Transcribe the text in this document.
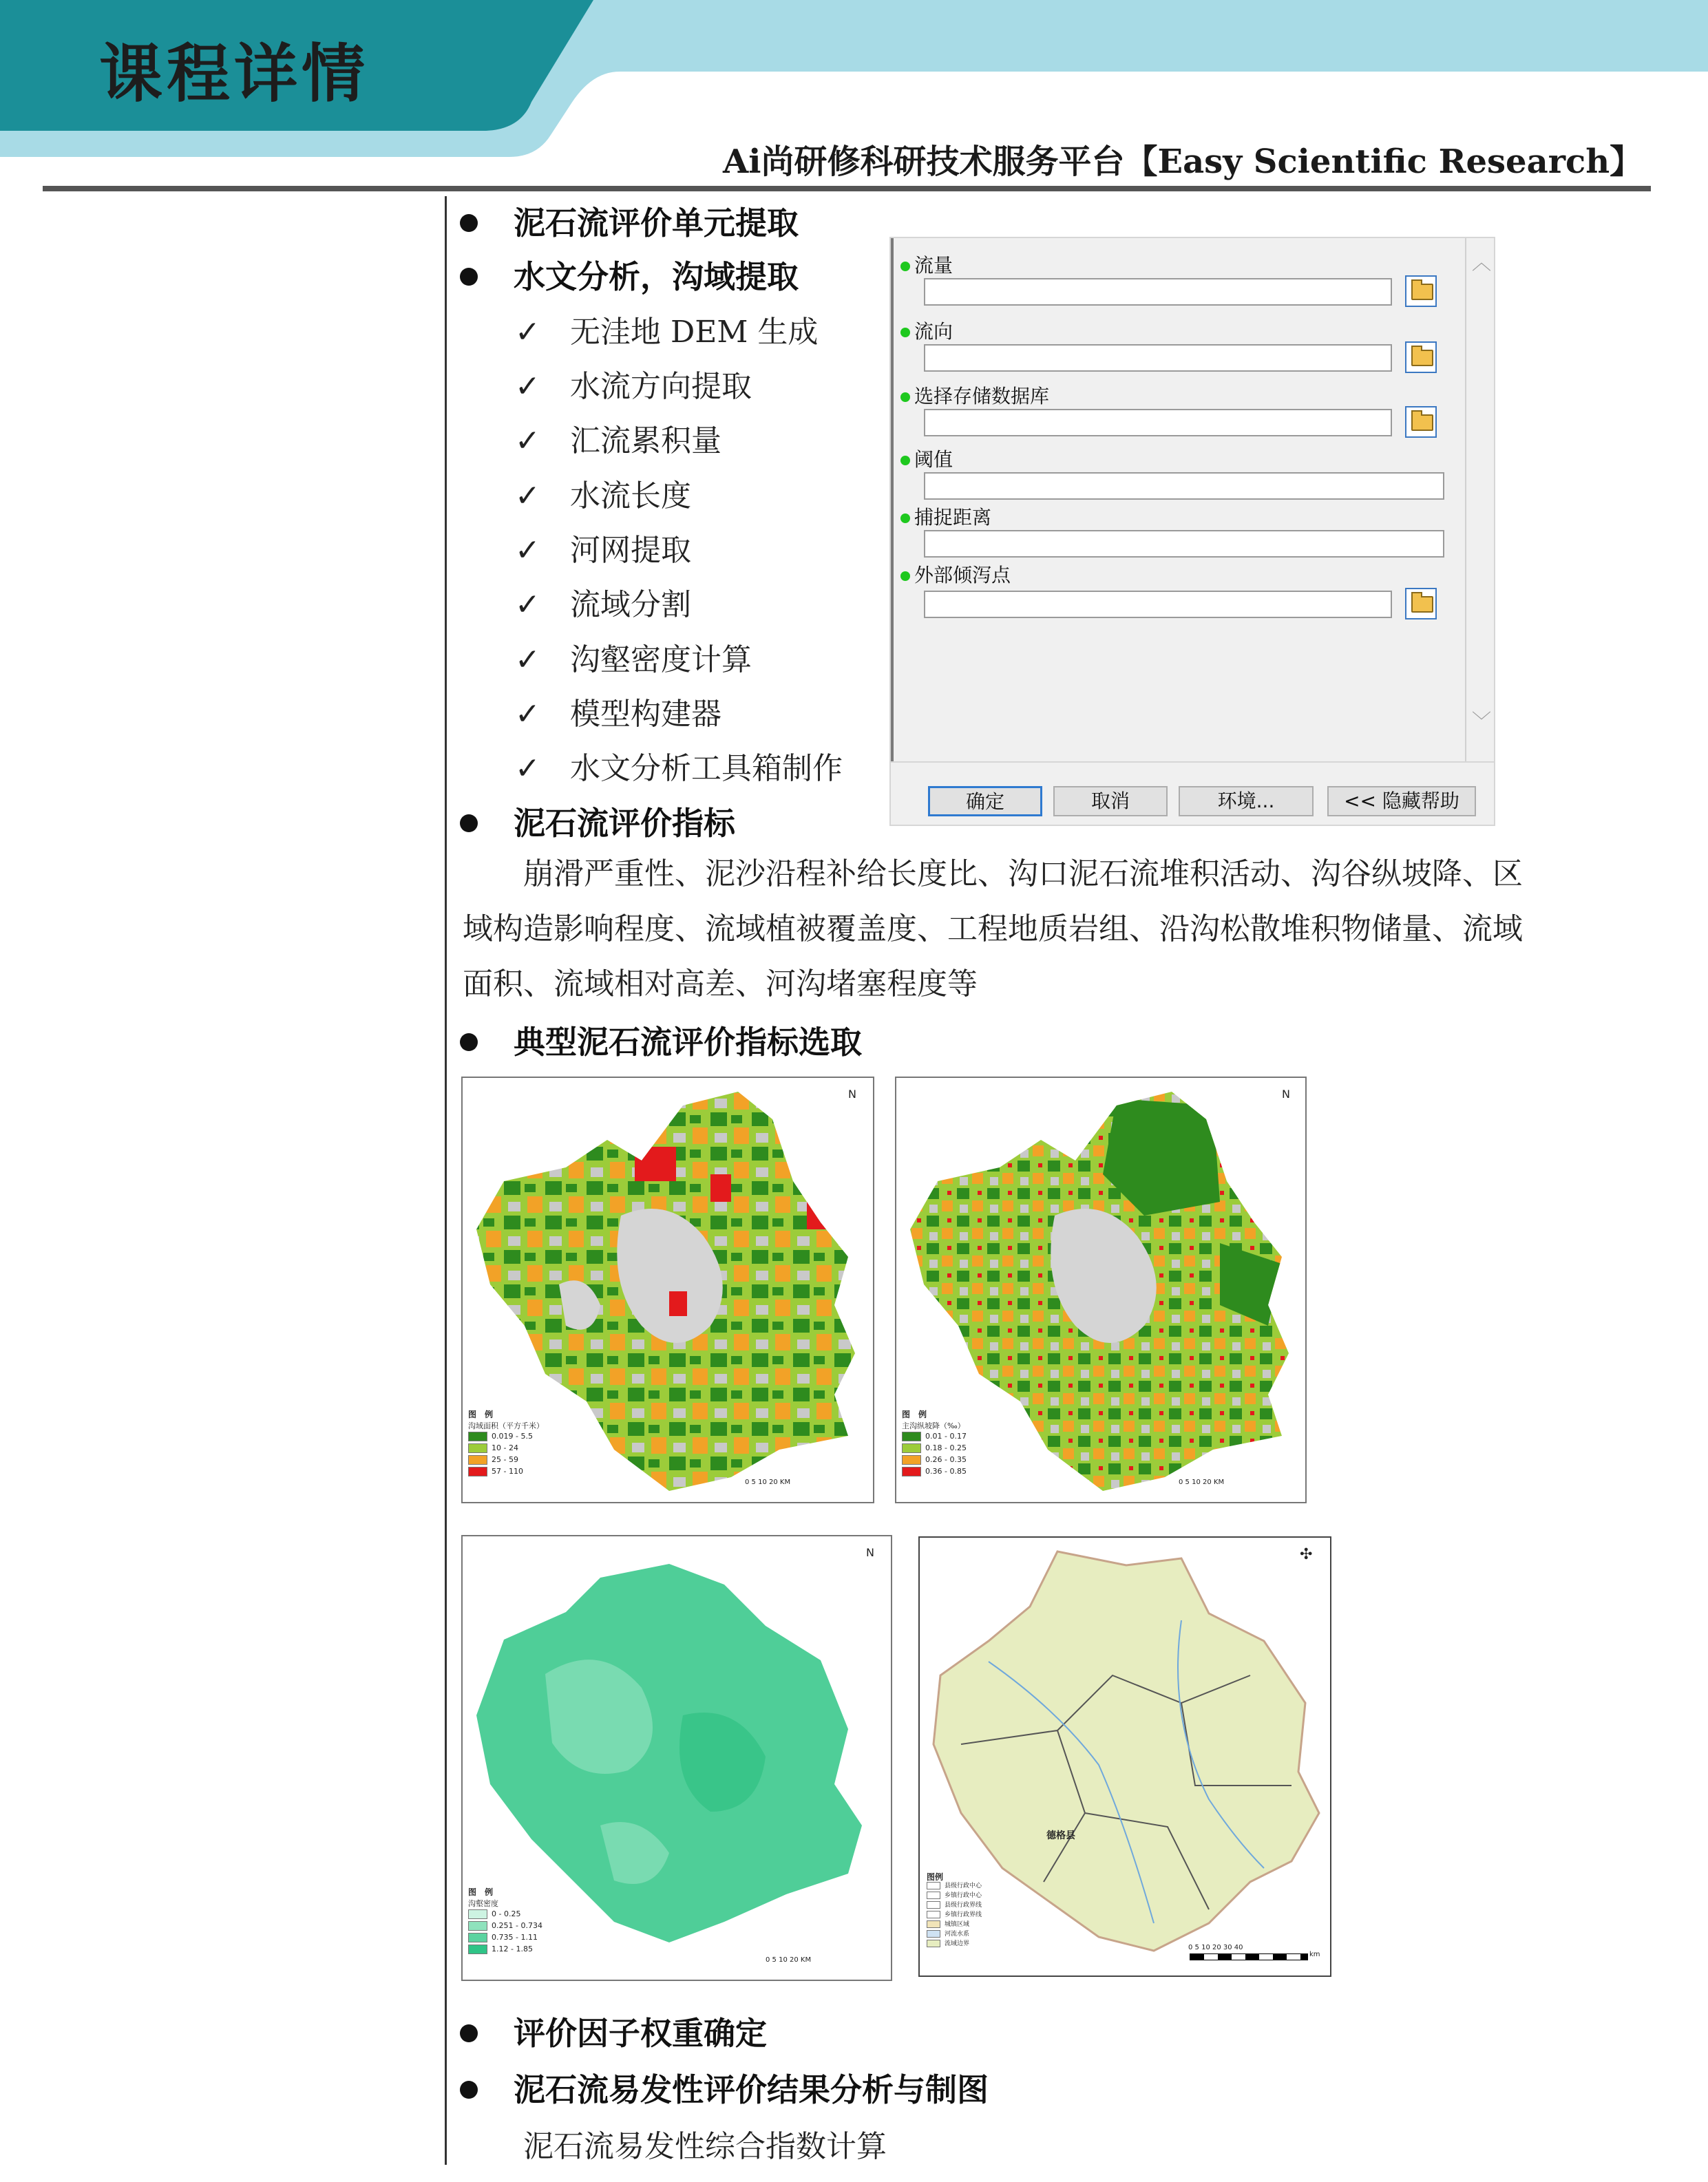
课程详情
Ai尚研修科研技术服务平台【Easy Scientific Research】
泥石流评价单元提取
水文分析，沟域提取
✓ 无洼地 DEM 生成
✓ 水流方向提取
✓ 汇流累积量
✓ 水流长度
✓ 河网提取
✓ 流域分割
✓ 沟壑密度计算
✓ 模型构建器
✓ 水文分析工具箱制作
泥石流评价指标
崩滑严重性、泥沙沿程补给长度比、沟口泥石流堆积活动、沟谷纵坡降、区
域构造影响程度、流域植被覆盖度、工程地质岩组、沿沟松散堆积物储量、流域
面积、流域相对高差、河沟堵塞程度等
典型泥石流评价指标选取
︿
﹀
流量
流向
选择存储数据库
阈值
捕捉距离
外部倾泻点
确定	取消	环境...	<< 隐藏帮助
N
图　例
沟域面积（平方千米）
0.019 - 5.5
10 - 24
25 - 59
57 - 110
0 5 10 20 KM
N
图　例
主沟纵坡降（‰）
0.01 - 0.17
0.18 - 0.25
0.26 - 0.35
0.36 - 0.85
0 5 10 20 KM
N
图　例
沟壑密度
0 - 0.25
0.251 - 0.734
0.735 - 1.11
1.12 - 1.85
0 5 10 20 KM
✣
图例
县级行政中心
乡镇行政中心
县级行政界线
乡镇行政界线
城镇区域
河流水系
流域边界
德格县
0 5 10 20 30 40
km
评价因子权重确定
泥石流易发性评价结果分析与制图
泥石流易发性综合指数计算
